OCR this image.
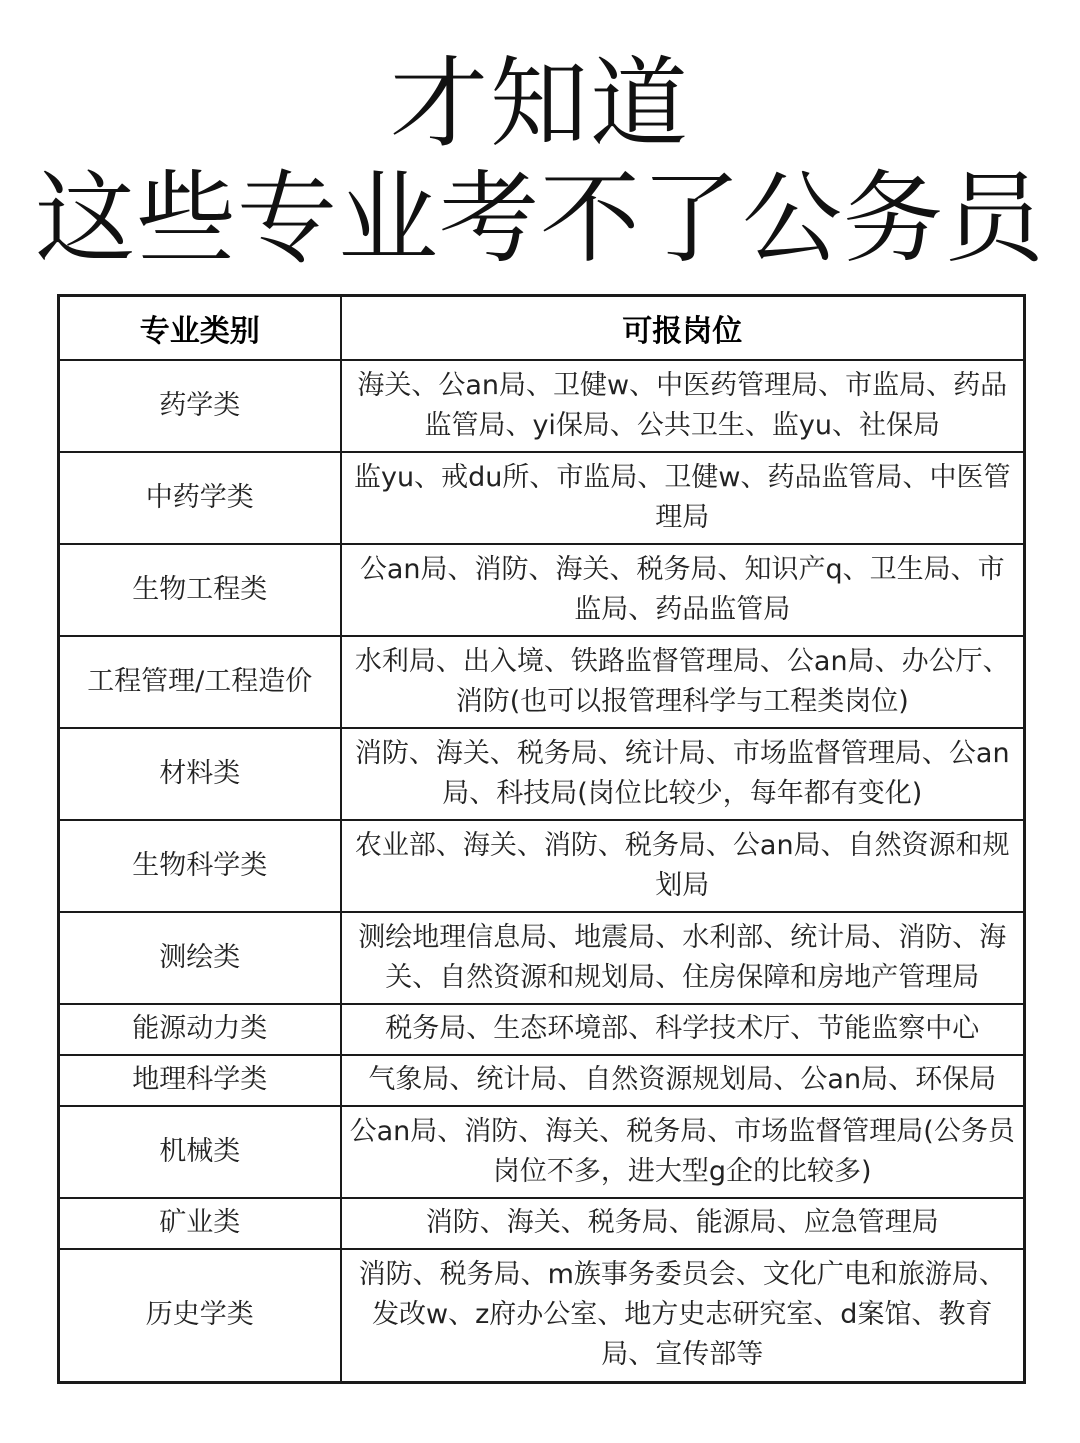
才知道
这些专业考不了公务员
专业类别	可报岗位
药学类	海关、公an局、卫健w、中医药管理局、市监局、药品监管局、yi保局、公共卫生、监yu、社保局
中药学类	监yu、戒du所、市监局、卫健w、药品监管局、中医管理局
生物工程类	公an局、消防、海关、税务局、知识产q、卫生局、市监局、药品监管局
工程管理/工程造价	水利局、出入境、铁路监督管理局、公an局、办公厅、消防(也可以报管理科学与工程类岗位)
材料类	消防、海关、税务局、统计局、市场监督管理局、公an局、科技局(岗位比较少，每年都有变化)
生物科学类	农业部、海关、消防、税务局、公an局、自然资源和规划局
测绘类	测绘地理信息局、地震局、水利部、统计局、消防、海关、自然资源和规划局、住房保障和房地产管理局
能源动力类	税务局、生态环境部、科学技术厅、节能监察中心
地理科学类	气象局、统计局、自然资源规划局、公an局、环保局
机械类	公an局、消防、海关、税务局、市场监督管理局(公务员岗位不多，进大型g企的比较多)
矿业类	消防、海关、税务局、能源局、应急管理局
历史学类	消防、税务局、m族事务委员会、文化广电和旅游局、发改w、z府办公室、地方史志研究室、d案馆、教育局、宣传部等
